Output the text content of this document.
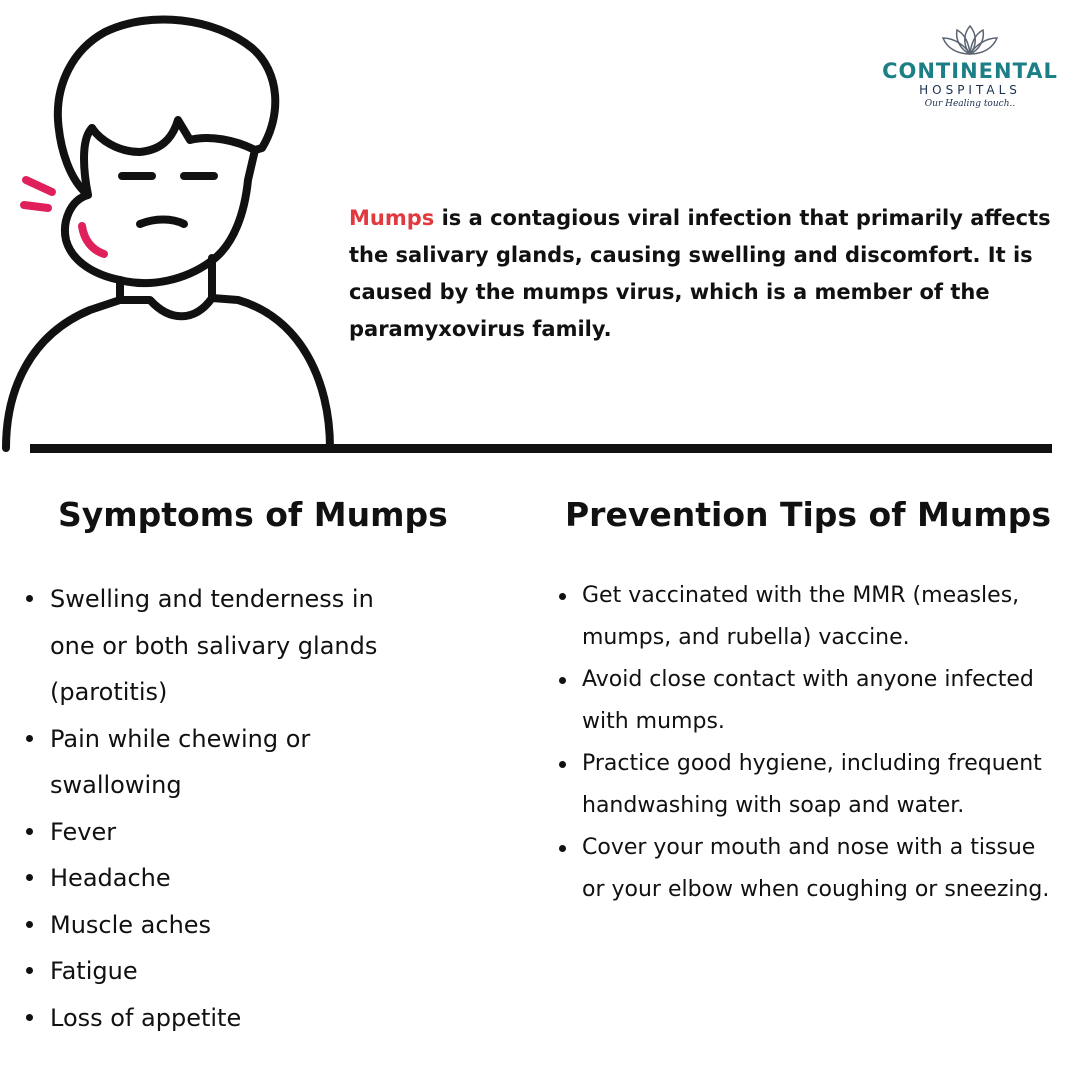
CONTINENTAL
HOSPITALS
Our Healing touch..

Mumps is a contagious viral infection that primarily affects the salivary glands, causing swelling and discomfort. It is caused by the mumps virus, which is a member of the paramyxovirus family.

Symptoms of Mumps	Prevention Tips of Mumps
Swelling and tenderness in one or both salivary glands (parotitis)
Pain while chewing or swallowing
Fever
Headache
Muscle aches
Fatigue
Loss of appetite
Get vaccinated with the MMR (measles, mumps, and rubella) vaccine.
Avoid close contact with anyone infected with mumps.
Practice good hygiene, including frequent handwashing with soap and water.
Cover your mouth and nose with a tissue or your elbow when coughing or sneezing.
